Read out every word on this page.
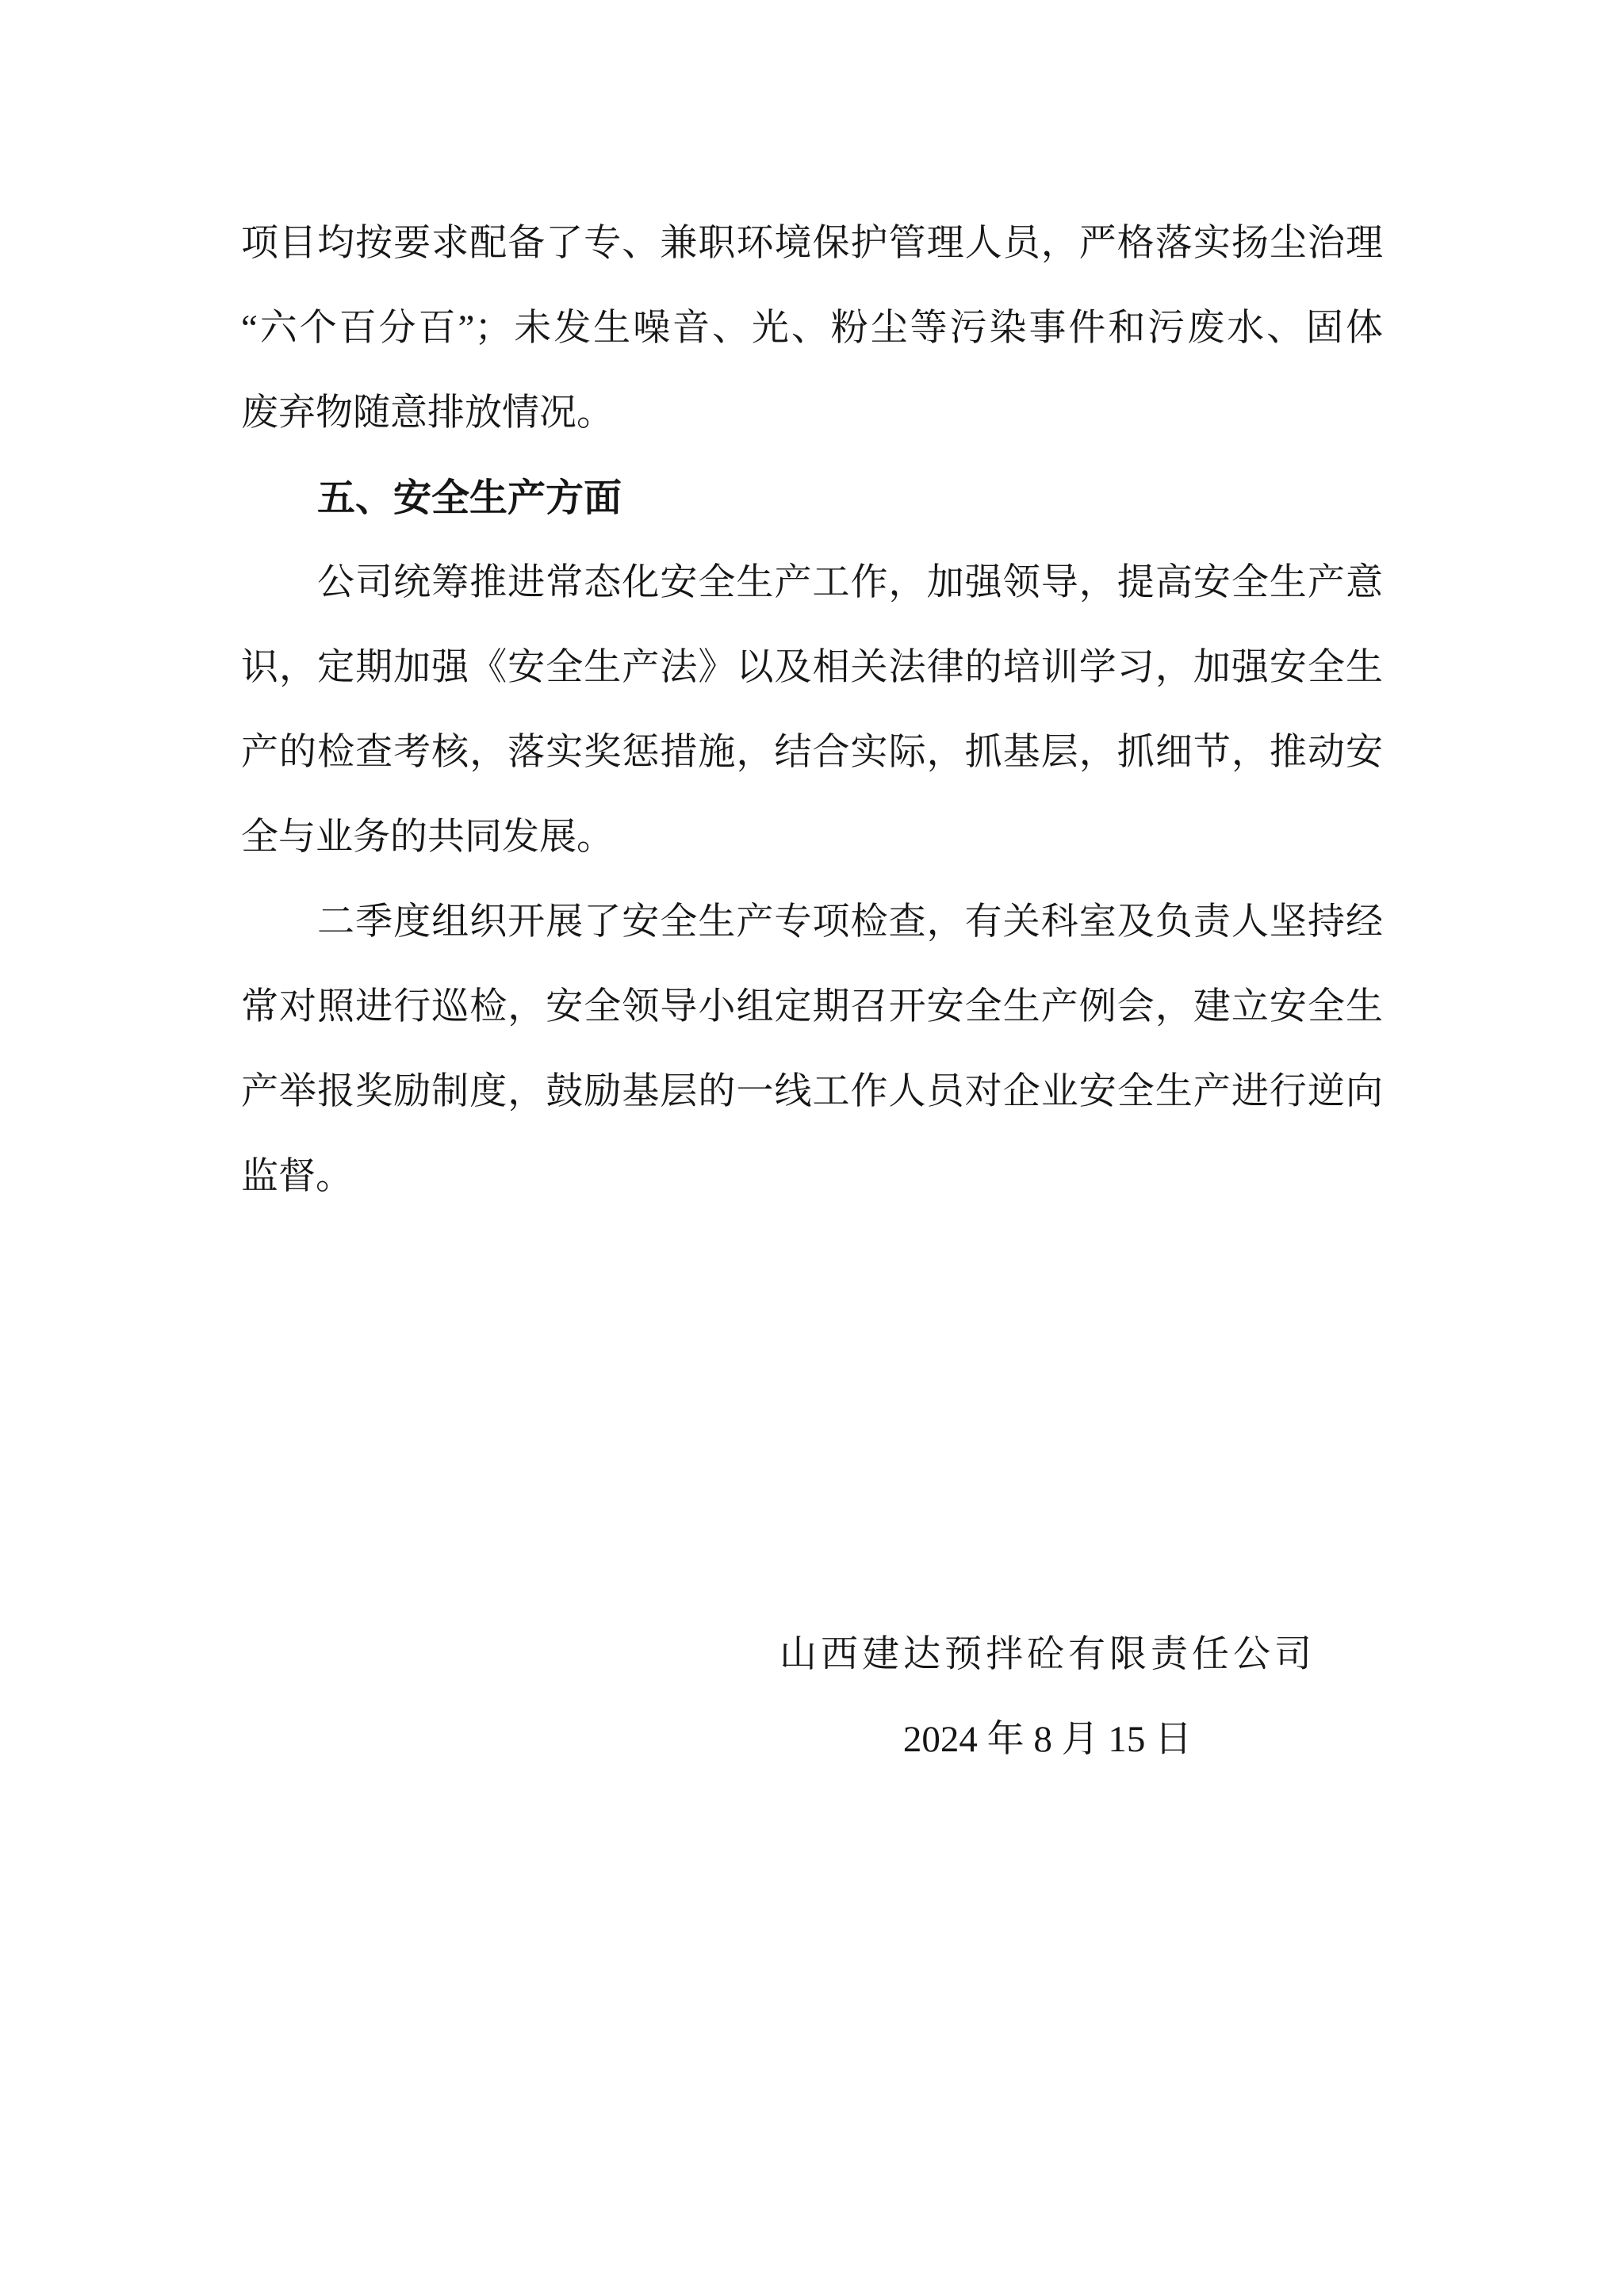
项目均按要求配备了专、兼职环境保护管理人员，严格落实扬尘治理
“六个百分百”；未发生噪音、光、粉尘等污染事件和污废水、固体
废弃物随意排放情况。
五、安全生产方面
公司统筹推进常态化安全生产工作，加强领导，提高安全生产意
识，定期加强《安全生产法》以及相关法律的培训学习，加强安全生
产的检查考核，落实奖惩措施，结合实际，抓基层，抓细节，推动安
全与业务的共同发展。
二季度组织开展了安全生产专项检查，有关科室及负责人坚持经
常对照进行巡检，安全领导小组定期召开安全生产例会，建立安全生
产举报奖励制度，鼓励基层的一线工作人员对企业安全生产进行逆向
监督。
山西建达预拌砼有限责任公司
2024 年 8 月 15 日
